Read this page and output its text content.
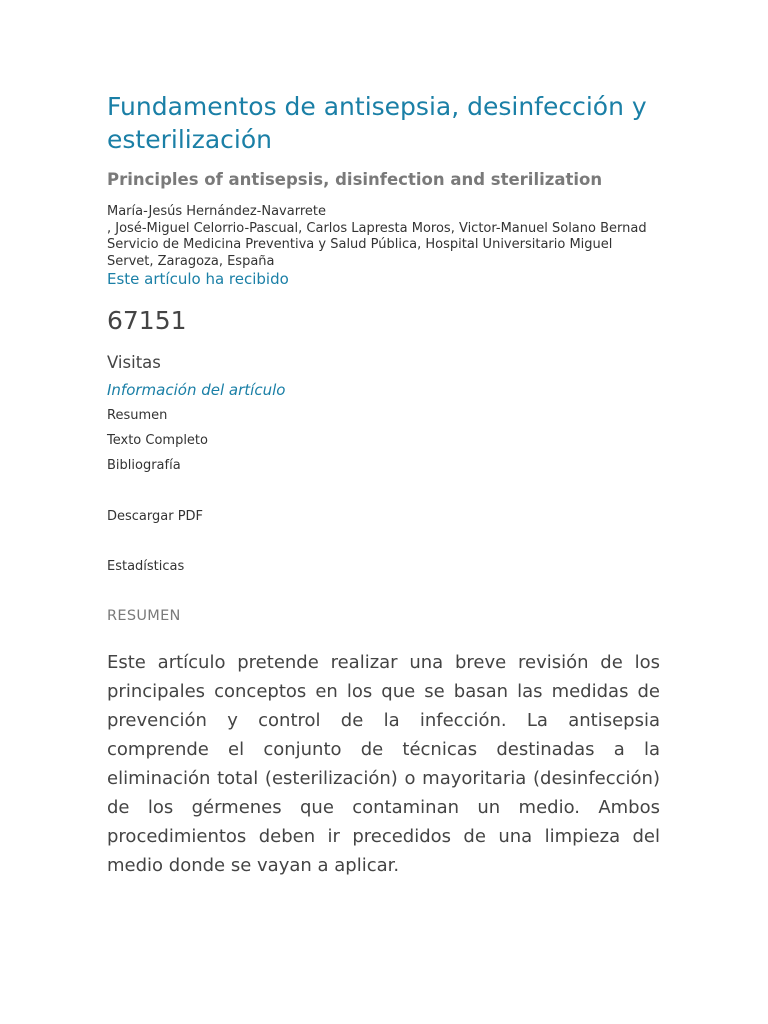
Fundamentos de antisepsia, desinfección y esterilización
Principles of antisepsis, disinfection and sterilization
María-Jesús Hernández-Navarrete
, José-Miguel Celorrio-Pascual, Carlos Lapresta Moros, Victor-Manuel Solano Bernad
Servicio de Medicina Preventiva y Salud Pública, Hospital Universitario Miguel
Servet, Zaragoza, España
Este artículo ha recibido
67151
Visitas
Información del artículo
Resumen
Texto Completo
Bibliografía
Descargar PDF
Estadísticas
RESUMEN

Este artículo pretende realizar una breve revisión de los principales conceptos en los que se basan las medidas de prevención y control de la infección. La antisepsia comprende el conjunto de técnicas destinadas a la eliminación total (esterilización) o mayoritaria (desinfección) de los gérmenes que contaminan un medio. Ambos procedimientos deben ir precedidos de una limpieza del medio donde se vayan a aplicar.
